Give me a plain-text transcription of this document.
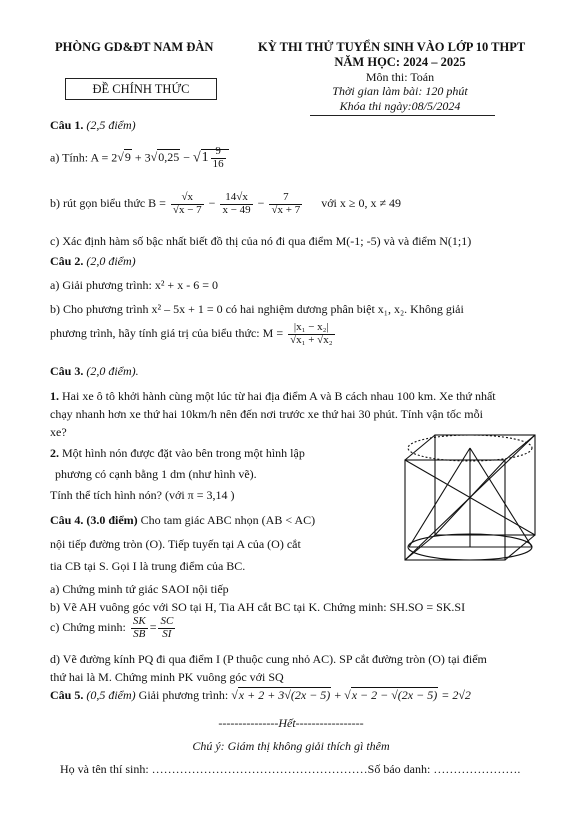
PHÒNG GD&ĐT NAM ĐÀN	KỲ THI THỬ TUYỂN SINH VÀO LỚP 10 THPT
NĂM HỌC: 2024 – 2025
Môn thi: Toán
Thời gian làm bài: 120 phút
Khóa thi ngày:08/5/2024
ĐỀ CHÍNH THỨC
Câu 1. (2,5 điểm)
a) Tính: $A = 2√9 + 3√0,25 - √1 \frac{9}{16}$
b) rút gọn biểu thức $B = \frac{√x}{√x - 7} - \frac{14√x}{x - 49} - \frac{7}{√x + 7}$ với x ≥ 0, x ≠ 49
c) Xác định hàm số bậc nhất biết đồ thị của nó đi qua điểm M(-1; -5) và và điểm N(1;1)
Câu 2. (2,0 điểm)
a) Giải phương trình: x² + x - 6 = 0
b) Cho phương trình x² – 5x + 1 = 0 có hai nghiệm dương phân biệt x₁, x₂. Không giải
phương trình, hãy tính giá trị của biểu thức: $M = \frac{\text{|x₁ − x₂|}}{\text{√x₁ + √x₂}}$
Câu 3. (2,0 điểm).
1. Hai xe ô tô khởi hành cùng một lúc từ hai địa điểm A và B cách nhau 100 km. Xe thứ nhất
chạy nhanh hơn xe thứ hai 10km/h nên đến nơi trước xe thứ hai 30 phút. Tính vận tốc mỗi
xe?
2. Một hình nón được đặt vào bên trong một hình lập
phương có cạnh bằng 1 dm (như hình vẽ).
Tính thể tích hình nón? (với π = 3,14 )
Câu 4. (3.0 điểm) Cho tam giác ABC nhọn (AB < AC)
nội tiếp đường tròn (O). Tiếp tuyến tại A của (O) cắt
tia CB tại S. Gọi I là trung điểm của BC.
a) Chứng minh tứ giác SAOI nội tiếp
b) Vẽ AH vuông góc với SO tại H, Tia AH cắt BC tại K. Chứng minh: SH.SO = SK.SI
c) Chứng minh: $\frac{SK}{SB} = \frac{SC}{SI}$
d) Vẽ đường kính PQ đi qua điểm I (P thuộc cung nhỏ AC). SP cắt đường tròn (O) tại điểm
thứ hai là M. Chứng minh PK vuông góc với SQ
Câu 5. (0,5 điểm) Giải phương trình: √x + 2 + 3√(2x − 5) + √x − 2 − √(2x − 5) = 2√2
---------------Hết-----------------
Chú ý: Giám thị không giải thích gì thêm
Họ và tên thí sinh: ………………………………………………Số báo danh: ………………….
